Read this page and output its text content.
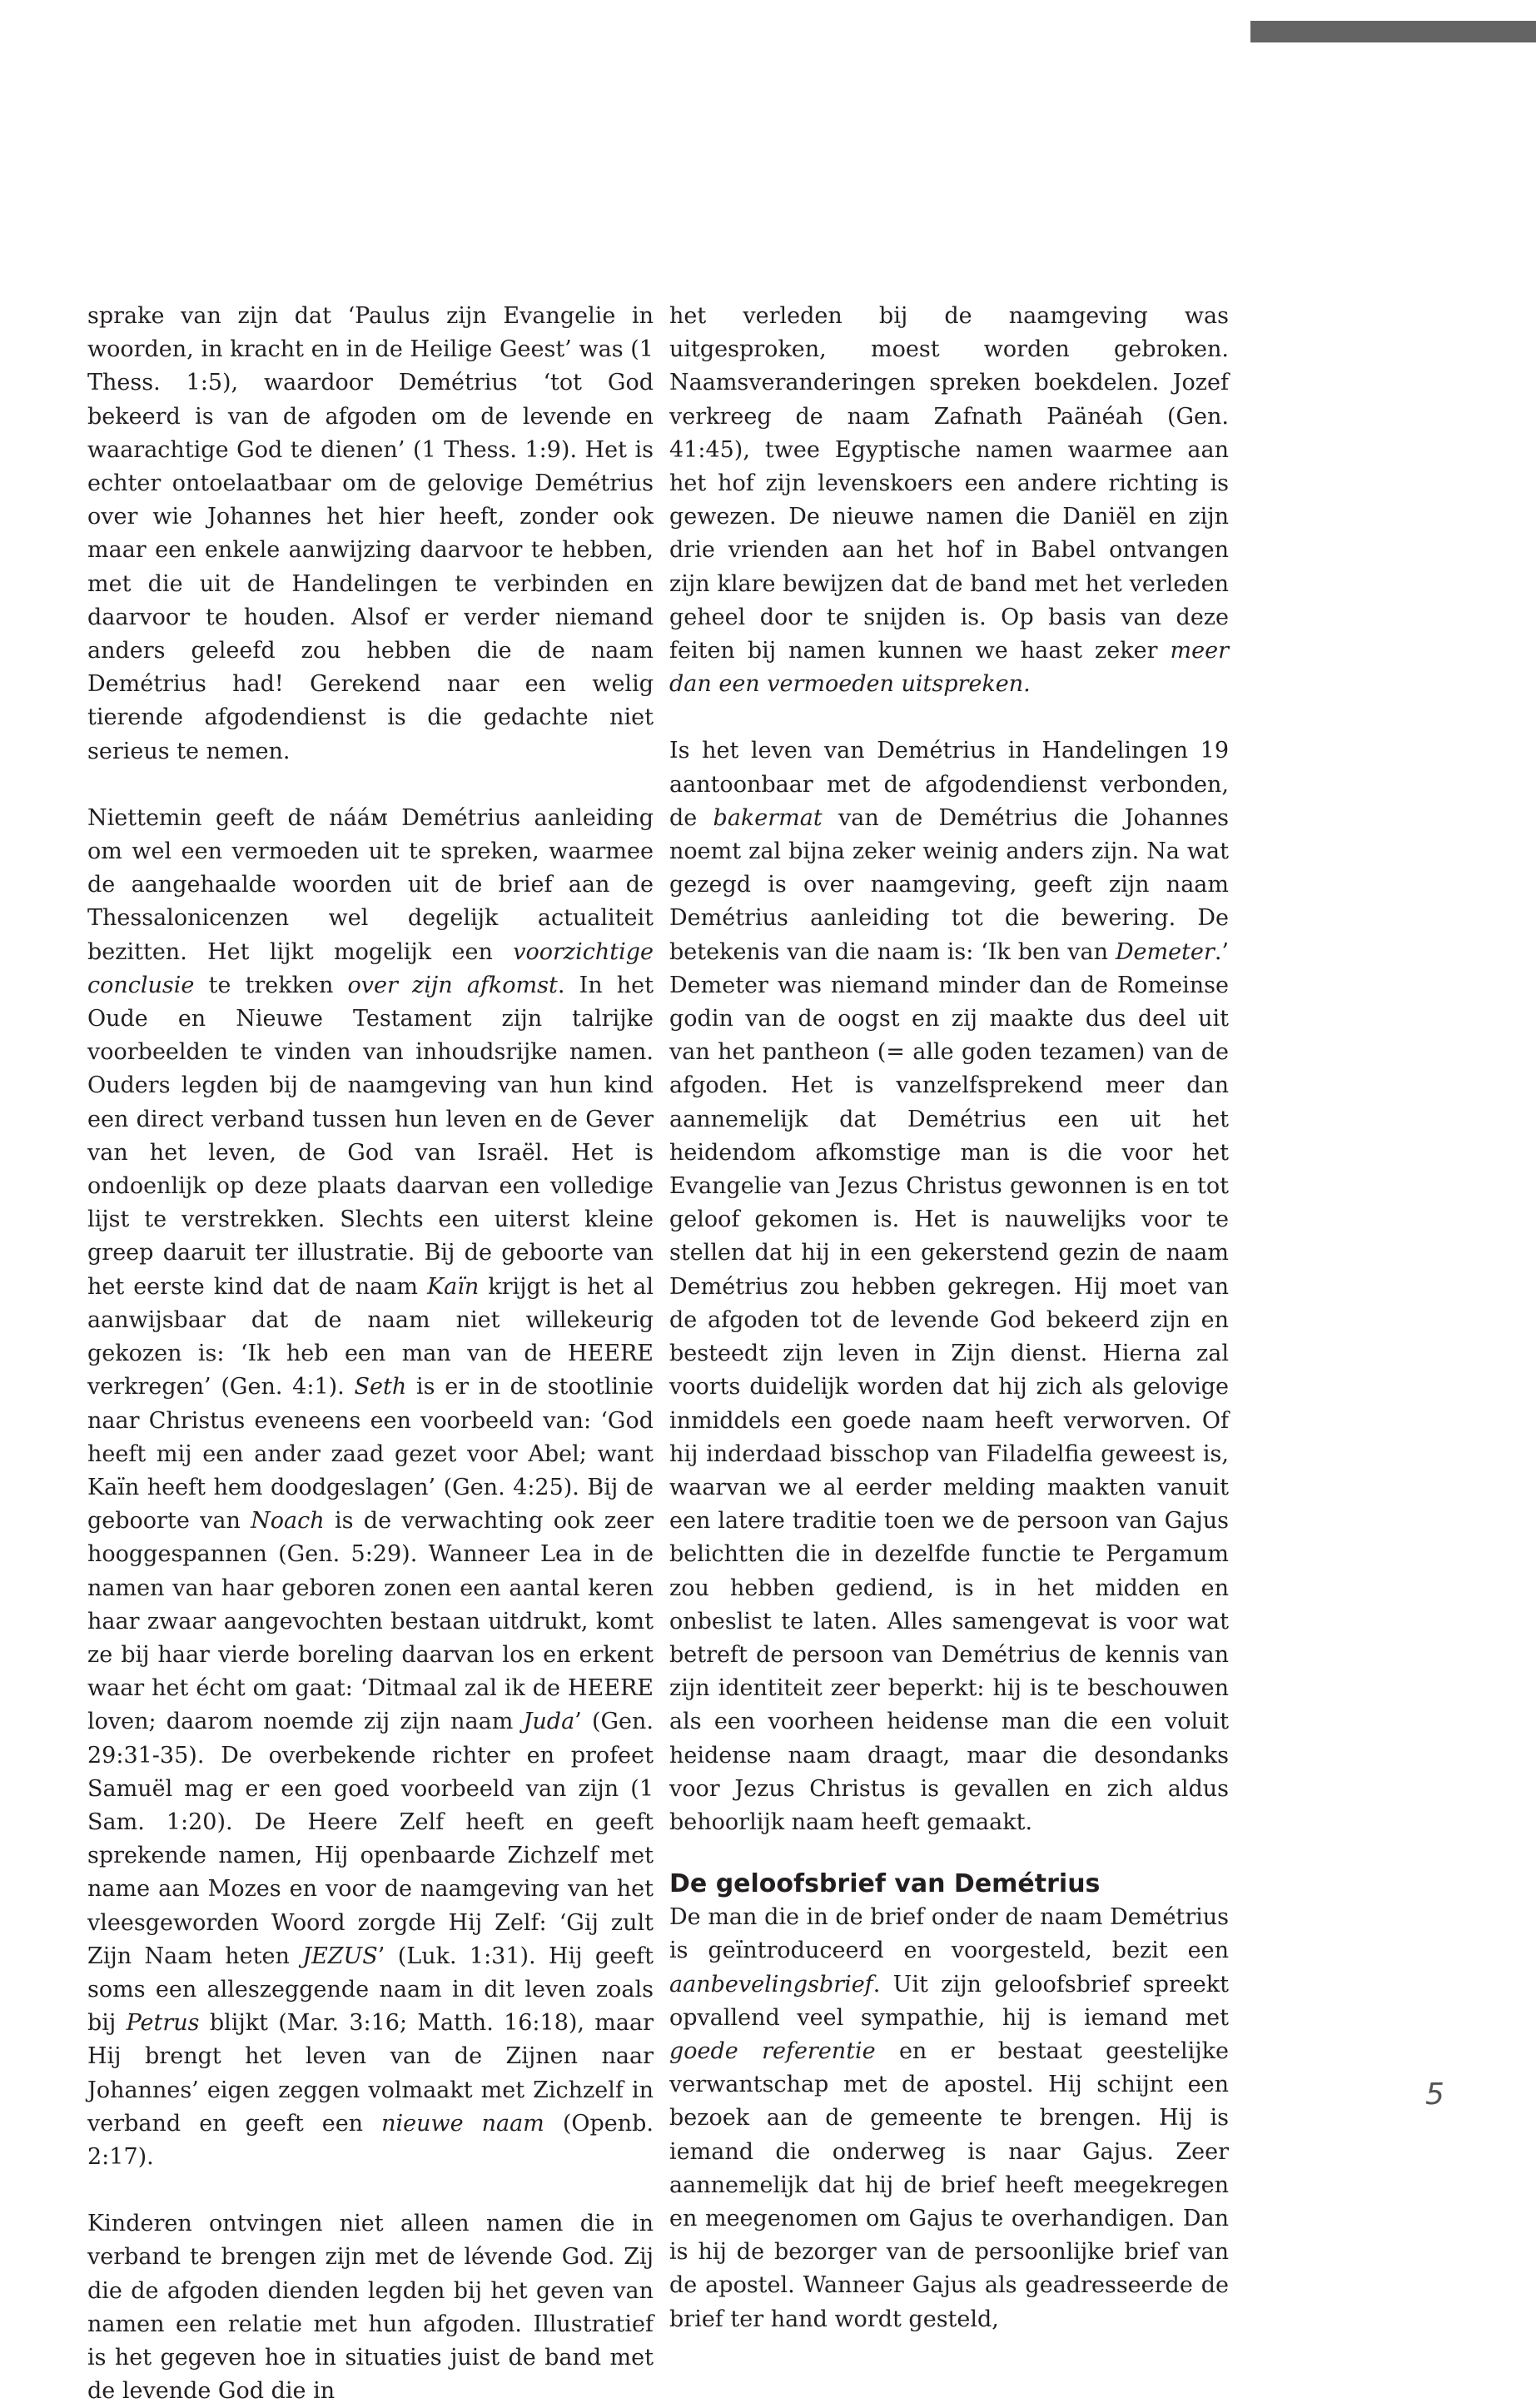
sprake van zijn dat ‘Paulus zijn Evangelie in woorden, in kracht en in de Heilige Geest’ was (1 Thess. 1:5), waardoor Demétrius ‘tot God bekeerd is van de afgoden om de levende en waarachtige God te dienen’ (1 Thess. 1:9). Het is echter ontoelaatbaar om de gelovige Demétrius over wie Johannes het hier heeft, zonder ook maar een enkele aanwijzing daarvoor te hebben, met die uit de Handelingen te verbinden en daarvoor te houden. Alsof er verder niemand anders geleefd zou hebben die de naam Demétrius had! Gerekend naar een welig tierende afgodendienst is die gedachte niet serieus te nemen.

Niettemin geeft de nááм Demétrius aanleiding om wel een vermoeden uit te spreken, waarmee de aangehaalde woorden uit de brief aan de Thessalonicenzen wel degelijk actualiteit bezitten. Het lijkt mogelijk een voorzichtige conclusie te trekken over zijn afkomst. In het Oude en Nieuwe Testament zijn talrijke voorbeelden te vinden van inhoudsrijke namen. Ouders legden bij de naamgeving van hun kind een direct verband tussen hun leven en de Gever van het leven, de God van Israël. Het is ondoenlijk op deze plaats daarvan een volledige lijst te verstrekken. Slechts een uiterst kleine greep daaruit ter illustratie. Bij de geboorte van het eerste kind dat de naam Kaïn krijgt is het al aanwijsbaar dat de naam niet willekeurig gekozen is: ‘Ik heb een man van de HEERE verkregen’ (Gen. 4:1). Seth is er in de stootlinie naar Christus eveneens een voorbeeld van: ‘God heeft mij een ander zaad gezet voor Abel; want Kaïn heeft hem doodgeslagen’ (Gen. 4:25). Bij de geboorte van Noach is de verwachting ook zeer hooggespannen (Gen. 5:29). Wanneer Lea in de namen van haar geboren zonen een aantal keren haar zwaar aangevochten bestaan uitdrukt, komt ze bij haar vierde boreling daarvan los en erkent waar het écht om gaat: ‘Ditmaal zal ik de HEERE loven; daarom noemde zij zijn naam Juda’ (Gen. 29:31-35). De overbekende richter en profeet Samuël mag er een goed voorbeeld van zijn (1 Sam. 1:20). De Heere Zelf heeft en geeft sprekende namen, Hij openbaarde Zichzelf met name aan Mozes en voor de naamgeving van het vleesgeworden Woord zorgde Hij Zelf: ‘Gij zult Zijn Naam heten JEZUS’ (Luk. 1:31). Hij geeft soms een alleszeggende naam in dit leven zoals bij Petrus blijkt (Mar. 3:16; Matth. 16:18), maar Hij brengt het leven van de Zijnen naar Johannes’ eigen zeggen volmaakt met Zichzelf in verband en geeft een nieuwe naam (Openb. 2:17).

Kinderen ontvingen niet alleen namen die in verband te brengen zijn met de lévende God. Zij die de afgoden dienden legden bij het geven van namen een relatie met hun afgoden. Illustratief is het gegeven hoe in situaties juist de band met de levende God die in

het verleden bij de naamgeving was uitgesproken, moest worden gebroken. Naamsveranderingen spreken boekdelen. Jozef verkreeg de naam Zafnath Paänéah (Gen. 41:45), twee Egyptische namen waarmee aan het hof zijn levenskoers een andere richting is gewezen. De nieuwe namen die Daniël en zijn drie vrienden aan het hof in Babel ontvangen zijn klare bewijzen dat de band met het verleden geheel door te snijden is. Op basis van deze feiten bij namen kunnen we haast zeker meer dan een vermoeden uitspreken.

Is het leven van Demétrius in Handelingen 19 aantoonbaar met de afgodendienst verbonden, de bakermat van de Demétrius die Johannes noemt zal bijna zeker weinig anders zijn. Na wat gezegd is over naamgeving, geeft zijn naam Demétrius aanleiding tot die bewering. De betekenis van die naam is: ‘Ik ben van Demeter.’ Demeter was niemand minder dan de Romeinse godin van de oogst en zij maakte dus deel uit van het pantheon (= alle goden tezamen) van de afgoden. Het is vanzelfsprekend meer dan aannemelijk dat Demétrius een uit het heidendom afkomstige man is die voor het Evangelie van Jezus Christus gewonnen is en tot geloof gekomen is. Het is nauwelijks voor te stellen dat hij in een gekerstend gezin de naam Demétrius zou hebben gekregen. Hij moet van de afgoden tot de levende God bekeerd zijn en besteedt zijn leven in Zijn dienst. Hierna zal voorts duidelijk worden dat hij zich als gelovige inmiddels een goede naam heeft verworven. Of hij inderdaad bisschop van Filadelfia geweest is, waarvan we al eerder melding maakten vanuit een latere traditie toen we de persoon van Gajus belichtten die in dezelfde functie te Pergamum zou hebben gediend, is in het midden en onbeslist te laten. Alles samengevat is voor wat betreft de persoon van Demétrius de kennis van zijn identiteit zeer beperkt: hij is te beschouwen als een voorheen heidense man die een voluit heidense naam draagt, maar die desondanks voor Jezus Christus is gevallen en zich aldus behoorlijk naam heeft gemaakt.

De geloofsbrief van Demétrius

De man die in de brief onder de naam Demétrius is geïntroduceerd en voorgesteld, bezit een aanbevelingsbrief. Uit zijn geloofsbrief spreekt opvallend veel sympathie, hij is iemand met goede referentie en er bestaat geestelijke verwantschap met de apostel. Hij schijnt een bezoek aan de gemeente te brengen. Hij is iemand die onderweg is naar Gajus. Zeer aannemelijk dat hij de brief heeft meegekregen en meegenomen om Gajus te overhandigen. Dan is hij de bezorger van de persoonlijke brief van de apostel. Wanneer Gajus als geadresseerde de brief ter hand wordt gesteld,

5
